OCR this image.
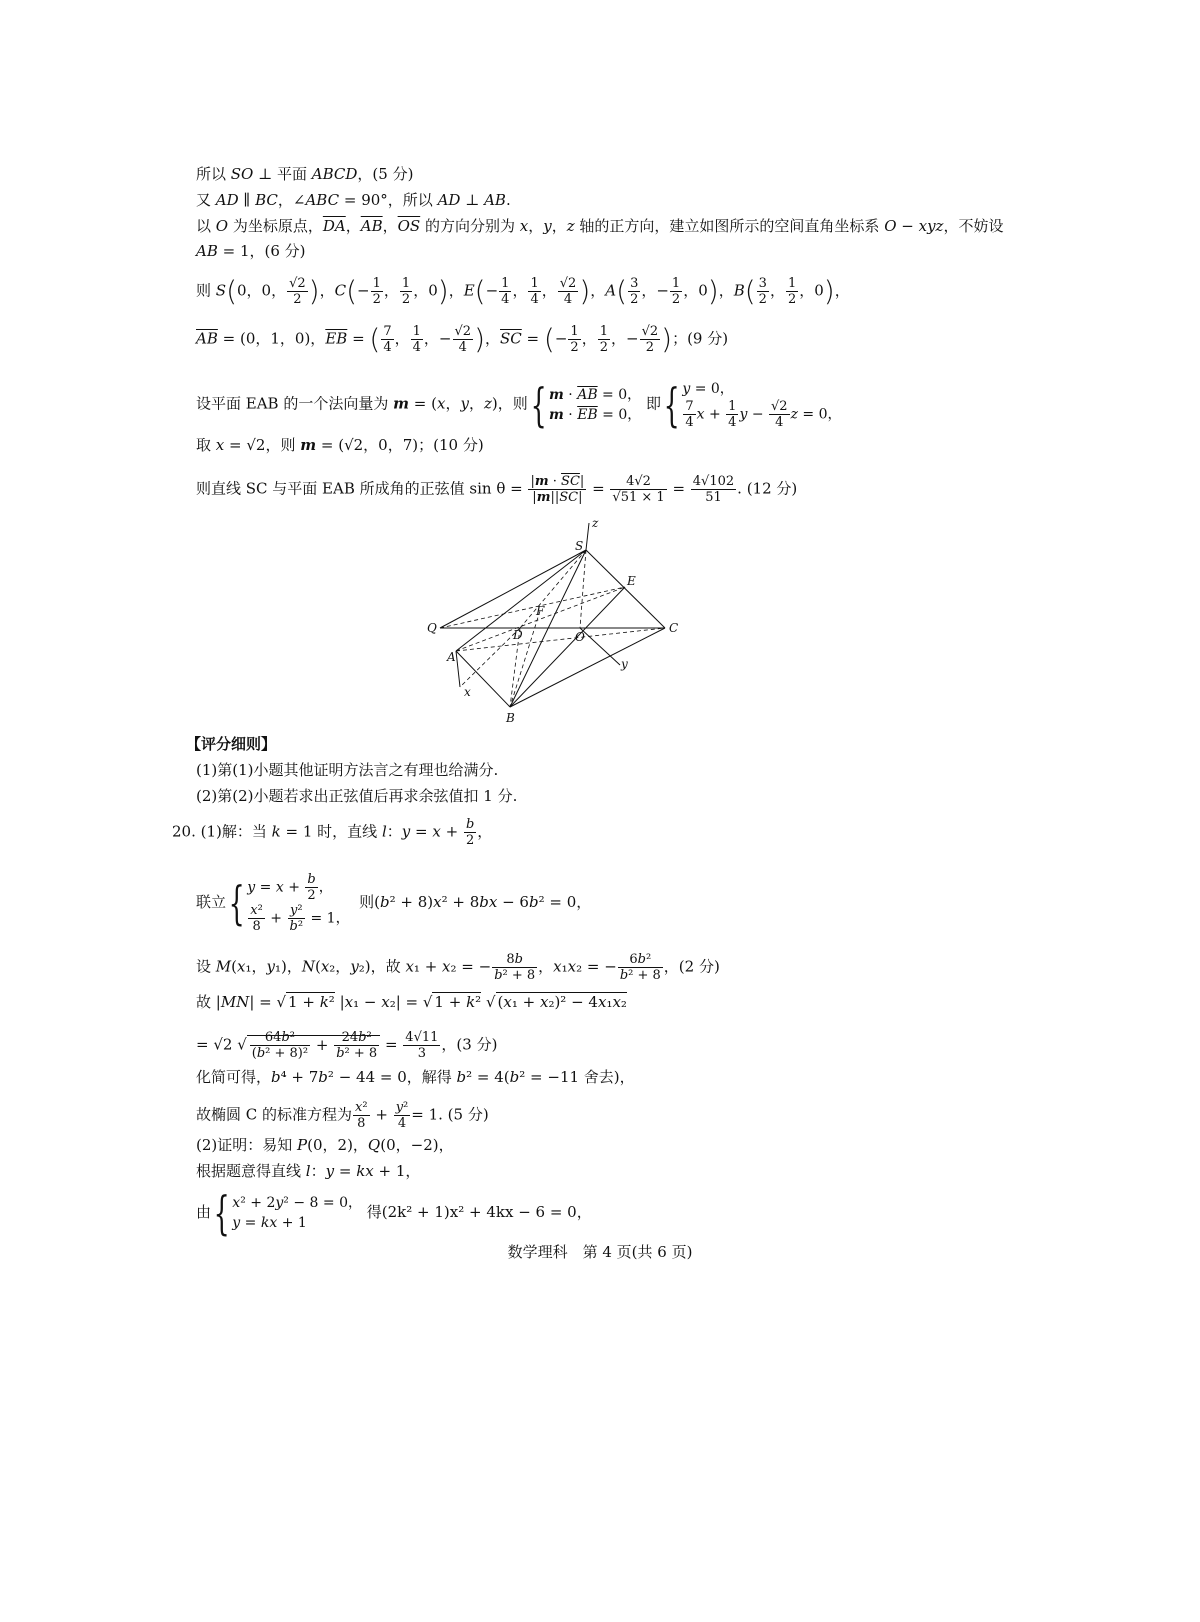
所以 SO ⊥ 平面 ABCD，(5 分)
又 AD ∥ BC，∠ABC = 90°，所以 AD ⊥ AB.
以 O 为坐标原点，$\overline{DA}$，$\overline{AB}$，$\overline{OS}$ 的方向分别为 x，y，z 轴的正方向，建立如图所示的空间直角坐标系 O − xyz，不妨设
AB = 1，(6 分)
则 S(0，0， $\frac{√2}{2}$ )，$C(- \frac{1}{2}$ ， $\frac{1}{2}$ ，0)，$E(- \frac{1}{4}$ ， $\frac{1}{4}$ ， $\frac{√2}{4}$ )，$A( \frac{3}{2}$ ，− $\frac{1}{2}$ ，0)，$B( \frac{3}{2}$ ， $\frac{1}{2}$ ，0)，
$\overline{AB} = (0$，1，0)，$\overline{EB}$ = ( $\frac{7}{4}$ ， $\frac{1}{4}$ ，− $\frac{√2}{4}$ )，$\overline{SC}$ = (− $\frac{1}{2}$ ， $\frac{1}{2}$ ，− $\frac{√2}{2}$ )；(9 分)
设平面 EAB 的一个法向量为 m = (x，y，z)，则{ $m \cdot \overline{AB} = 0$，
$m \cdot \overline{EB} = 0$，
即{ y = 0，
$\frac{7}{4}$ $x + \frac{1}{4}$ $y - \frac{√2}{4}$ z = 0，
取 x = √2，则 m = (√2，0，7)；(10 分)
则直线 SC 与平面 EAB 所成角的正弦值 $\sin \theta = \frac{|m \cdot \overline{SC}|}{|m||\overline{SC}|} = \frac{4√2}{√51 \times 1} = \frac{4√102}{51}$ . (12 分)
z
S
E
Q
F
D	O
C
A	y
x
B
【评分细则】
(1)第(1)小题其他证明方法言之有理也给满分.
(2)第(2)小题若求出正弦值后再求余弦值扣 1 分.
20. (1)解：当 k = 1 时，直线 l：$y = x + \frac{b}{2}$ ，
联立{ $y = x + \frac{b}{2}$ ，
$\frac{\text{x²}}{8} + \frac{\text{y²}}{\text{b²}} = 1$，
则(b² + 8)x² + 8bx − 6b² = 0，
设 M(x₁，y₁)，N(x₂，y₂)，故 x₁ + x₂ = − $\frac{8b}{\text{b² + 8}}$ ，x₁x₂ = − $\frac{\text{6b²}}{\text{b² + 8}}$ ，(2 分)
故 |MN| = √ 1 + k² |x₁ − x₂| = √ 1 + k² √ (x₁ + x₂)² − 4x₁x₂
= √2 √ $\frac{\text{64b²}}{\text{(b² + 8)²}} + \frac{\text{24b²}}{\text{b² + 8}} = \frac{4√11}{3}$ ，(3 分)
化简可得，b⁴ + 7b² − 44 = 0，解得 b² = 4(b² = −11 舍去)，
故椭圆 C 的标准方程为 $\frac{\text{x²}}{8} + \frac{\text{y²}}{4} = 1$. (5 分)
(2)证明：易知 P(0，2)，Q(0，−2)，
根据题意得直线 l：y = kx + 1，
由{ x² + 2y² − 8 = 0，
y = kx + 1
得(2k² + 1)x² + 4kx − 6 = 0，
数学理科　第 4 页(共 6 页)
